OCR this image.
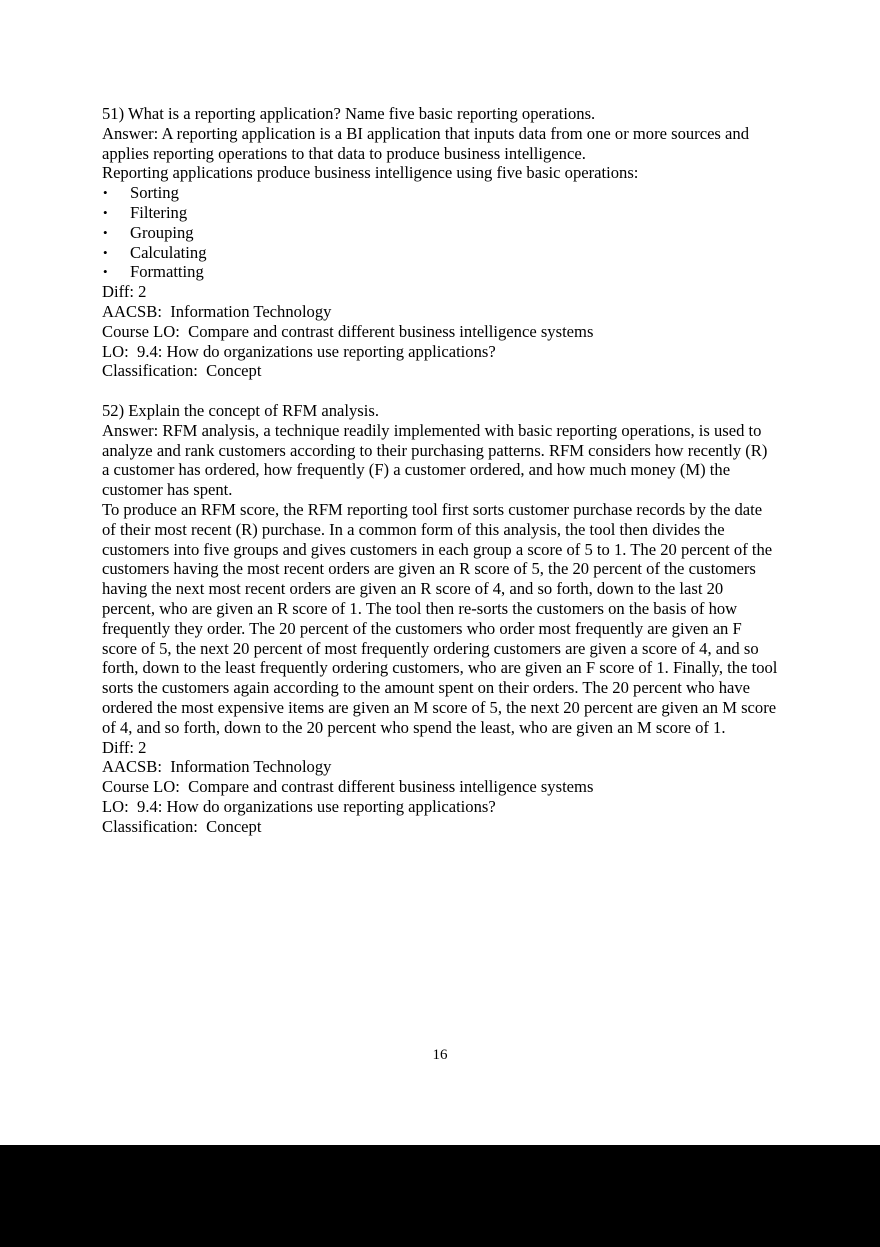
51) What is a reporting application? Name five basic reporting operations.

Answer: A reporting application is a BI application that inputs data from one or more sources and applies reporting operations to that data to produce business intelligence.

Reporting applications produce business intelligence using five basic operations:

• Sorting
• Filtering
• Grouping
• Calculating
• Formatting

Diff: 2

AACSB:  Information Technology

Course LO:  Compare and contrast different business intelligence systems

LO:  9.4: How do organizations use reporting applications?

Classification:  Concept

52) Explain the concept of RFM analysis.

Answer: RFM analysis, a technique readily implemented with basic reporting operations, is used to analyze and rank customers according to their purchasing patterns. RFM considers how recently (R) a customer has ordered, how frequently (F) a customer ordered, and how much money (M) the customer has spent.

To produce an RFM score, the RFM reporting tool first sorts customer purchase records by the date of their most recent (R) purchase. In a common form of this analysis, the tool then divides the customers into five groups and gives customers in each group a score of 5 to 1. The 20 percent of the customers having the most recent orders are given an R score of 5, the 20 percent of the customers having the next most recent orders are given an R score of 4, and so forth, down to the last 20 percent, who are given an R score of 1. The tool then re-sorts the customers on the basis of how frequently they order. The 20 percent of the customers who order most frequently are given an F score of 5, the next 20 percent of most frequently ordering customers are given a score of 4, and so forth, down to the least frequently ordering customers, who are given an F score of 1. Finally, the tool sorts the customers again according to the amount spent on their orders. The 20 percent who have ordered the most expensive items are given an M score of 5, the next 20 percent are given an M score of 4, and so forth, down to the 20 percent who spend the least, who are given an M score of 1.

Diff: 2

AACSB:  Information Technology

Course LO:  Compare and contrast different business intelligence systems

LO:  9.4: How do organizations use reporting applications?

Classification:  Concept

16
